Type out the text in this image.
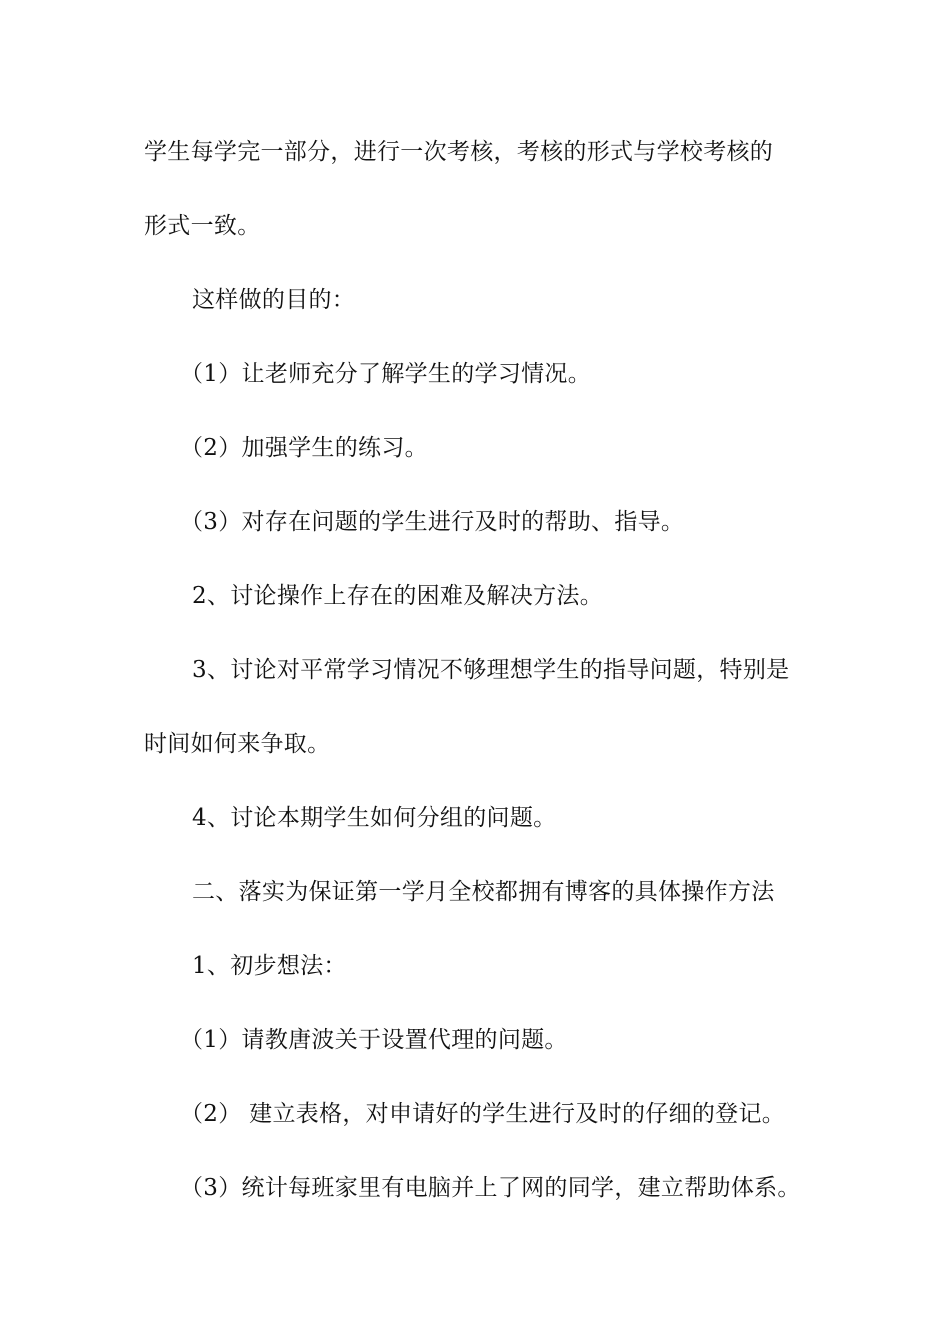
学生每学完一部分，进行一次考核，考核的形式与学校考核的
形式一致。
这样做的目的：
（1）让老师充分了解学生的学习情况。
（2）加强学生的练习。
（3）对存在问题的学生进行及时的帮助、指导。
2、讨论操作上存在的困难及解决方法。
3、讨论对平常学习情况不够理想学生的指导问题，特别是
时间如何来争取。
4、讨论本期学生如何分组的问题。
二、落实为保证第一学月全校都拥有博客的具体操作方法
1、初步想法：
（1）请教唐波关于设置代理的问题。
（2） 建立表格，对申请好的学生进行及时的仔细的登记。
（3）统计每班家里有电脑并上了网的同学，建立帮助体系。
